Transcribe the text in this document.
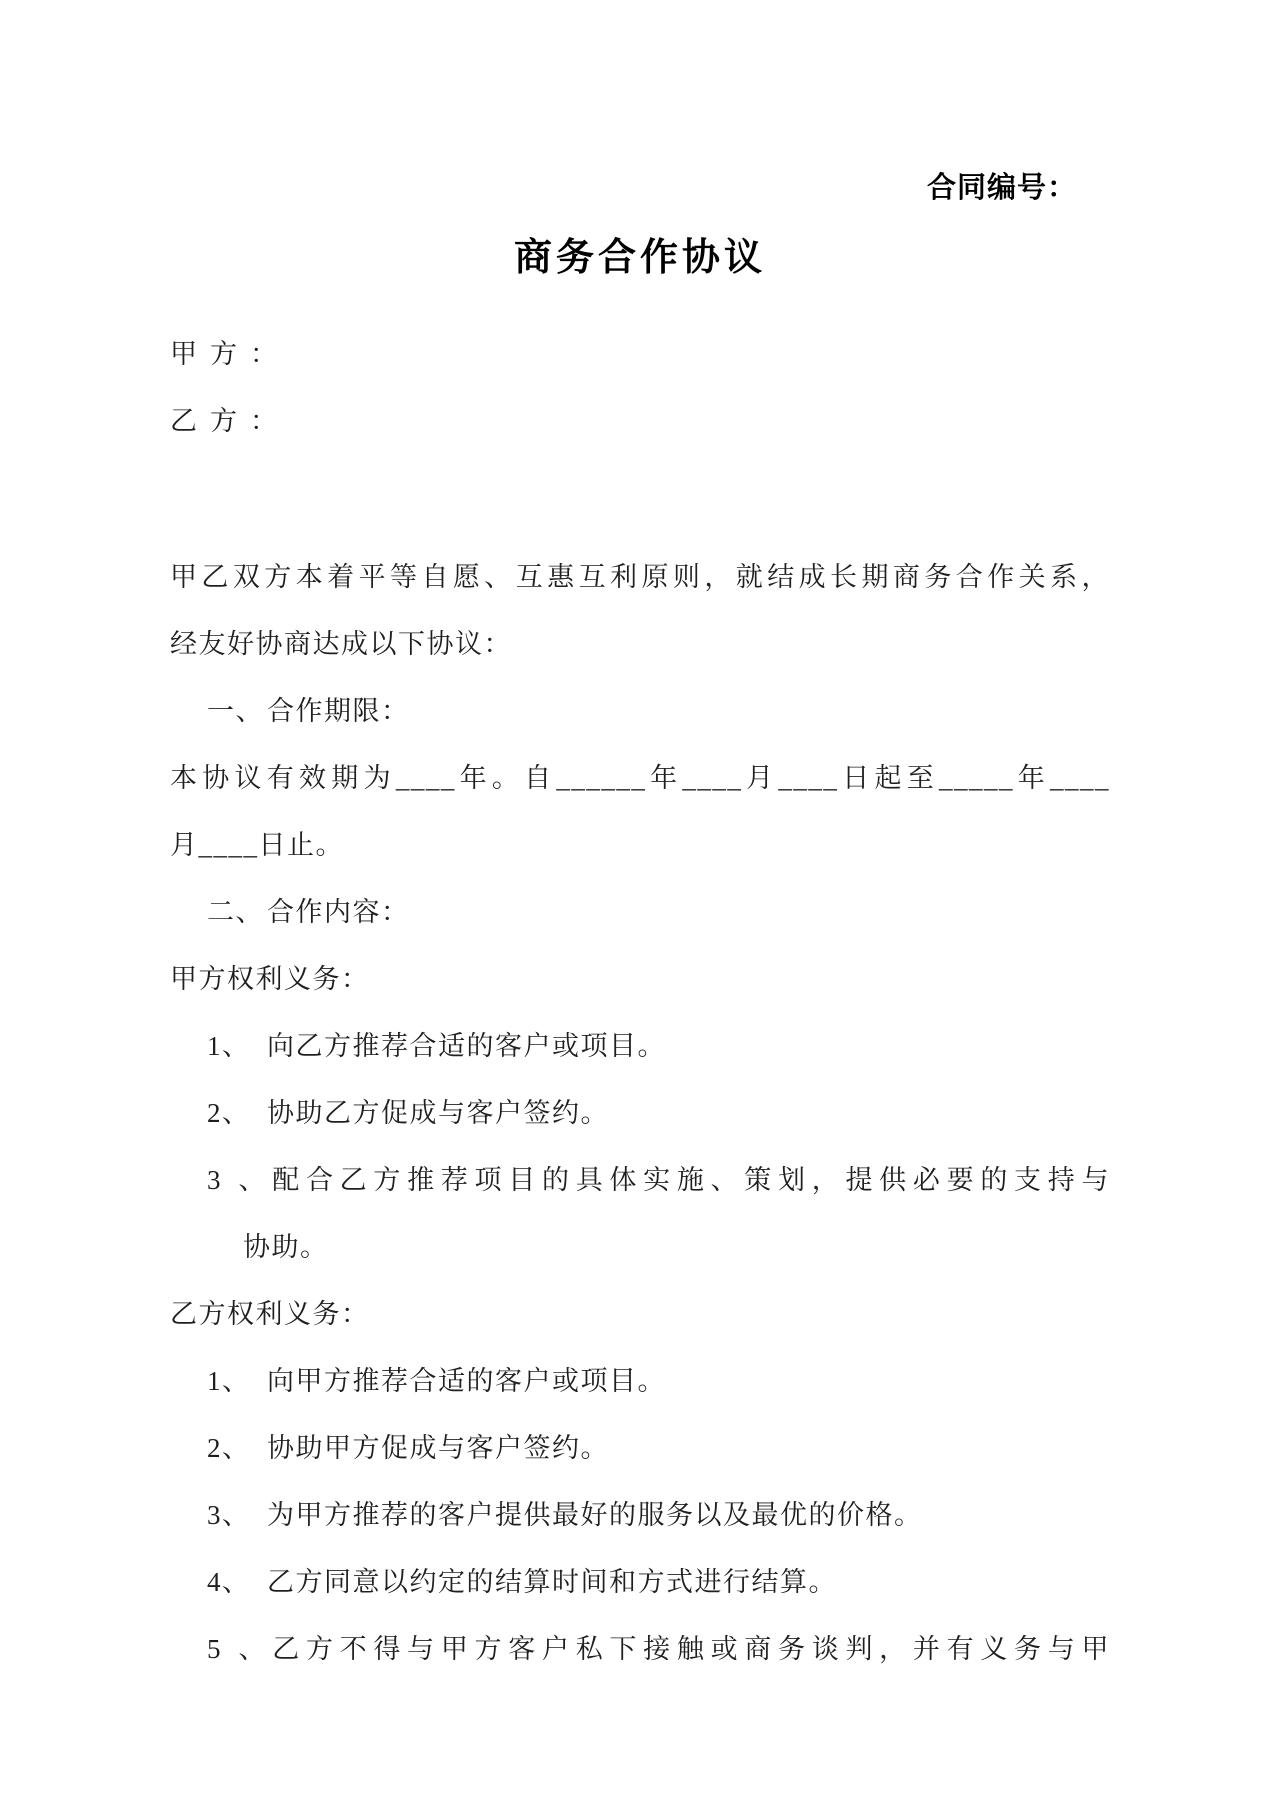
合同编号：
商务合作协议
甲方：
乙方：

甲乙双方本着平等自愿、互惠互利原则，就结成长期商务合作关系，

经友好协商达成以下协议：

一、 合作期限：

本协议有效期为____年。自______年____月____日起至_____年____

月____日止。

二、 合作内容：
甲方权利义务：
1、 向乙方推荐合适的客户或项目。
2、 协助乙方促成与客户签约。
3、配合乙方推荐项目的具体实施、策划，提供必要的支持与
协助。
乙方权利义务：
1、 向甲方推荐合适的客户或项目。
2、 协助甲方促成与客户签约。
3、 为甲方推荐的客户提供最好的服务以及最优的价格。
4、 乙方同意以约定的结算时间和方式进行结算。
5、乙方不得与甲方客户私下接触或商务谈判，并有义务与甲
